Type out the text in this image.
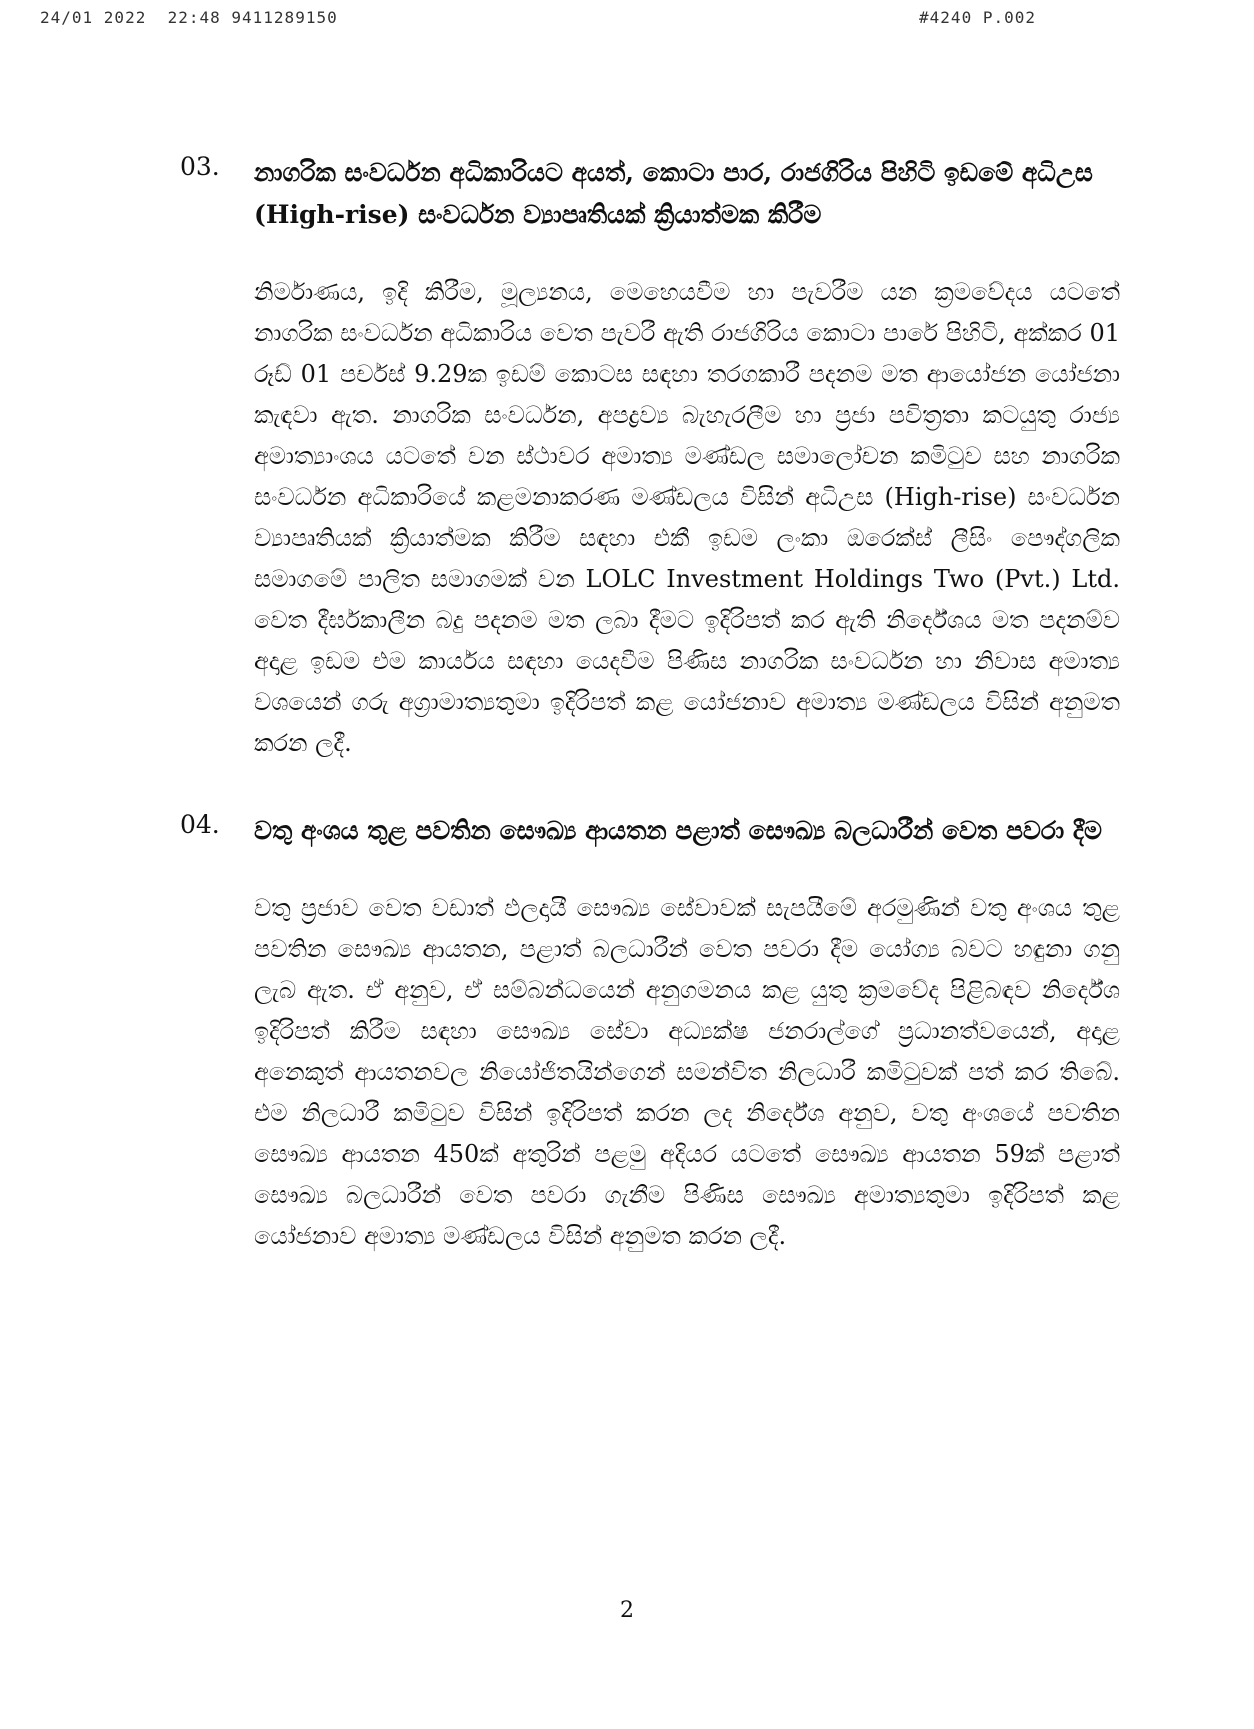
24/01 2022  22:48 9411289150	#4240 P.002
03. නාගරික සංවර්ධන අධිකාරියට අයත්, කොටා පාර, රාජගිරිය පිහිටි ඉඩමේ අධිඋස (High-rise) සංවර්ධන ව්‍යාපෘතියක් ක්‍රියාත්මක කිරීම
නිර්මාණය, ඉදි කිරීම, මූල්‍යනය, මෙහෙයවීම හා පැවරීම යන ක්‍රමවේදය යටතේ නාගරික සංවර්ධන අධිකාරිය වෙත පැවරී ඇති රාජගිරිය කොටා පාරේ පිහිටි, අක්කර 01 රූඩ් 01 පර්චස් 9.29ක ඉඩම් කොටස සඳහා තරගකාරී පදනම මත ආයෝජන යෝජනා කැඳවා ඇත. නාගරික සංවර්ධන, අපද්‍රව්‍ය බැහැරලීම හා ප්‍රජා පවිත්‍රතා කටයුතු රාජ්‍ය අමාත්‍යාංශය යටතේ වන ස්ථාවර අමාත්‍ය මණ්ඩල සමාලෝචන කමිටුව සහ නාගරික සංවර්ධන අධිකාරියේ කළමනාකරණ මණ්ඩලය විසින් අධිඋස (High-rise) සංවර්ධන ව්‍යාපෘතියක් ක්‍රියාත්මක කිරීම සඳහා එකී ඉඩම ලංකා ඔරෙක්ස් ලීසිං පෞද්ගලික සමාගමේ පාලිත සමාගමක් වන LOLC Investment Holdings Two (Pvt.) Ltd. වෙත දීර්ඝකාලීන බදු පදනම මත ලබා දීමට ඉදිරිපත් කර ඇති නිර්දේශය මත පදනම්ව අදාළ ඉඩම එම කාර්යය සඳහා යෙදවීම පිණිස නාගරික සංවර්ධන හා නිවාස අමාත්‍ය වශයෙන් ගරු අග්‍රාමාත්‍යතුමා ඉදිරිපත් කළ යෝජනාව අමාත්‍ය මණ්ඩලය විසින් අනුමත කරන ලදී.
04. වතු අංශය තුළ පවතින සෞඛ්‍ය ආයතන පළාත් සෞඛ්‍ය බලධාරීන් වෙත පවරා දීම
වතු ප්‍රජාව වෙත වඩාත් ඵලදායී සෞඛ්‍ය සේවාවක් සැපයීමේ අරමුණින් වතු අංශය තුළ පවතින සෞඛ්‍ය ආයතන, පළාත් බලධාරීන් වෙත පවරා දීම යෝග්‍ය බවට හඳුනා ගනු ලැබ ඇත. ඒ අනුව, ඒ සම්බන්ධයෙන් අනුගමනය කළ යුතු ක්‍රමවේද පිළිබඳව නිර්දේශ ඉදිරිපත් කිරීම සඳහා සෞඛ්‍ය සේවා අධ්‍යක්ෂ ජනරාල්ගේ ප්‍රධානත්වයෙන්, අදාළ අනෙකුත් ආයතනවල නියෝජිතයින්ගෙන් සමන්විත නිලධාරී කමිටුවක් පත් කර තිබේ. එම නිලධාරී කමිටුව විසින් ඉදිරිපත් කරන ලද නිර්දේශ අනුව, වතු අංශයේ පවතින සෞඛ්‍ය ආයතන 450ක් අතුරින් පළමු අදියර යටතේ සෞඛ්‍ය ආයතන 59ක් පළාත් සෞඛ්‍ය බලධාරීන් වෙත පවරා ගැනීම පිණිස සෞඛ්‍ය අමාත්‍යතුමා ඉදිරිපත් කළ යෝජනාව අමාත්‍ය මණ්ඩලය විසින් අනුමත කරන ලදී.
2
